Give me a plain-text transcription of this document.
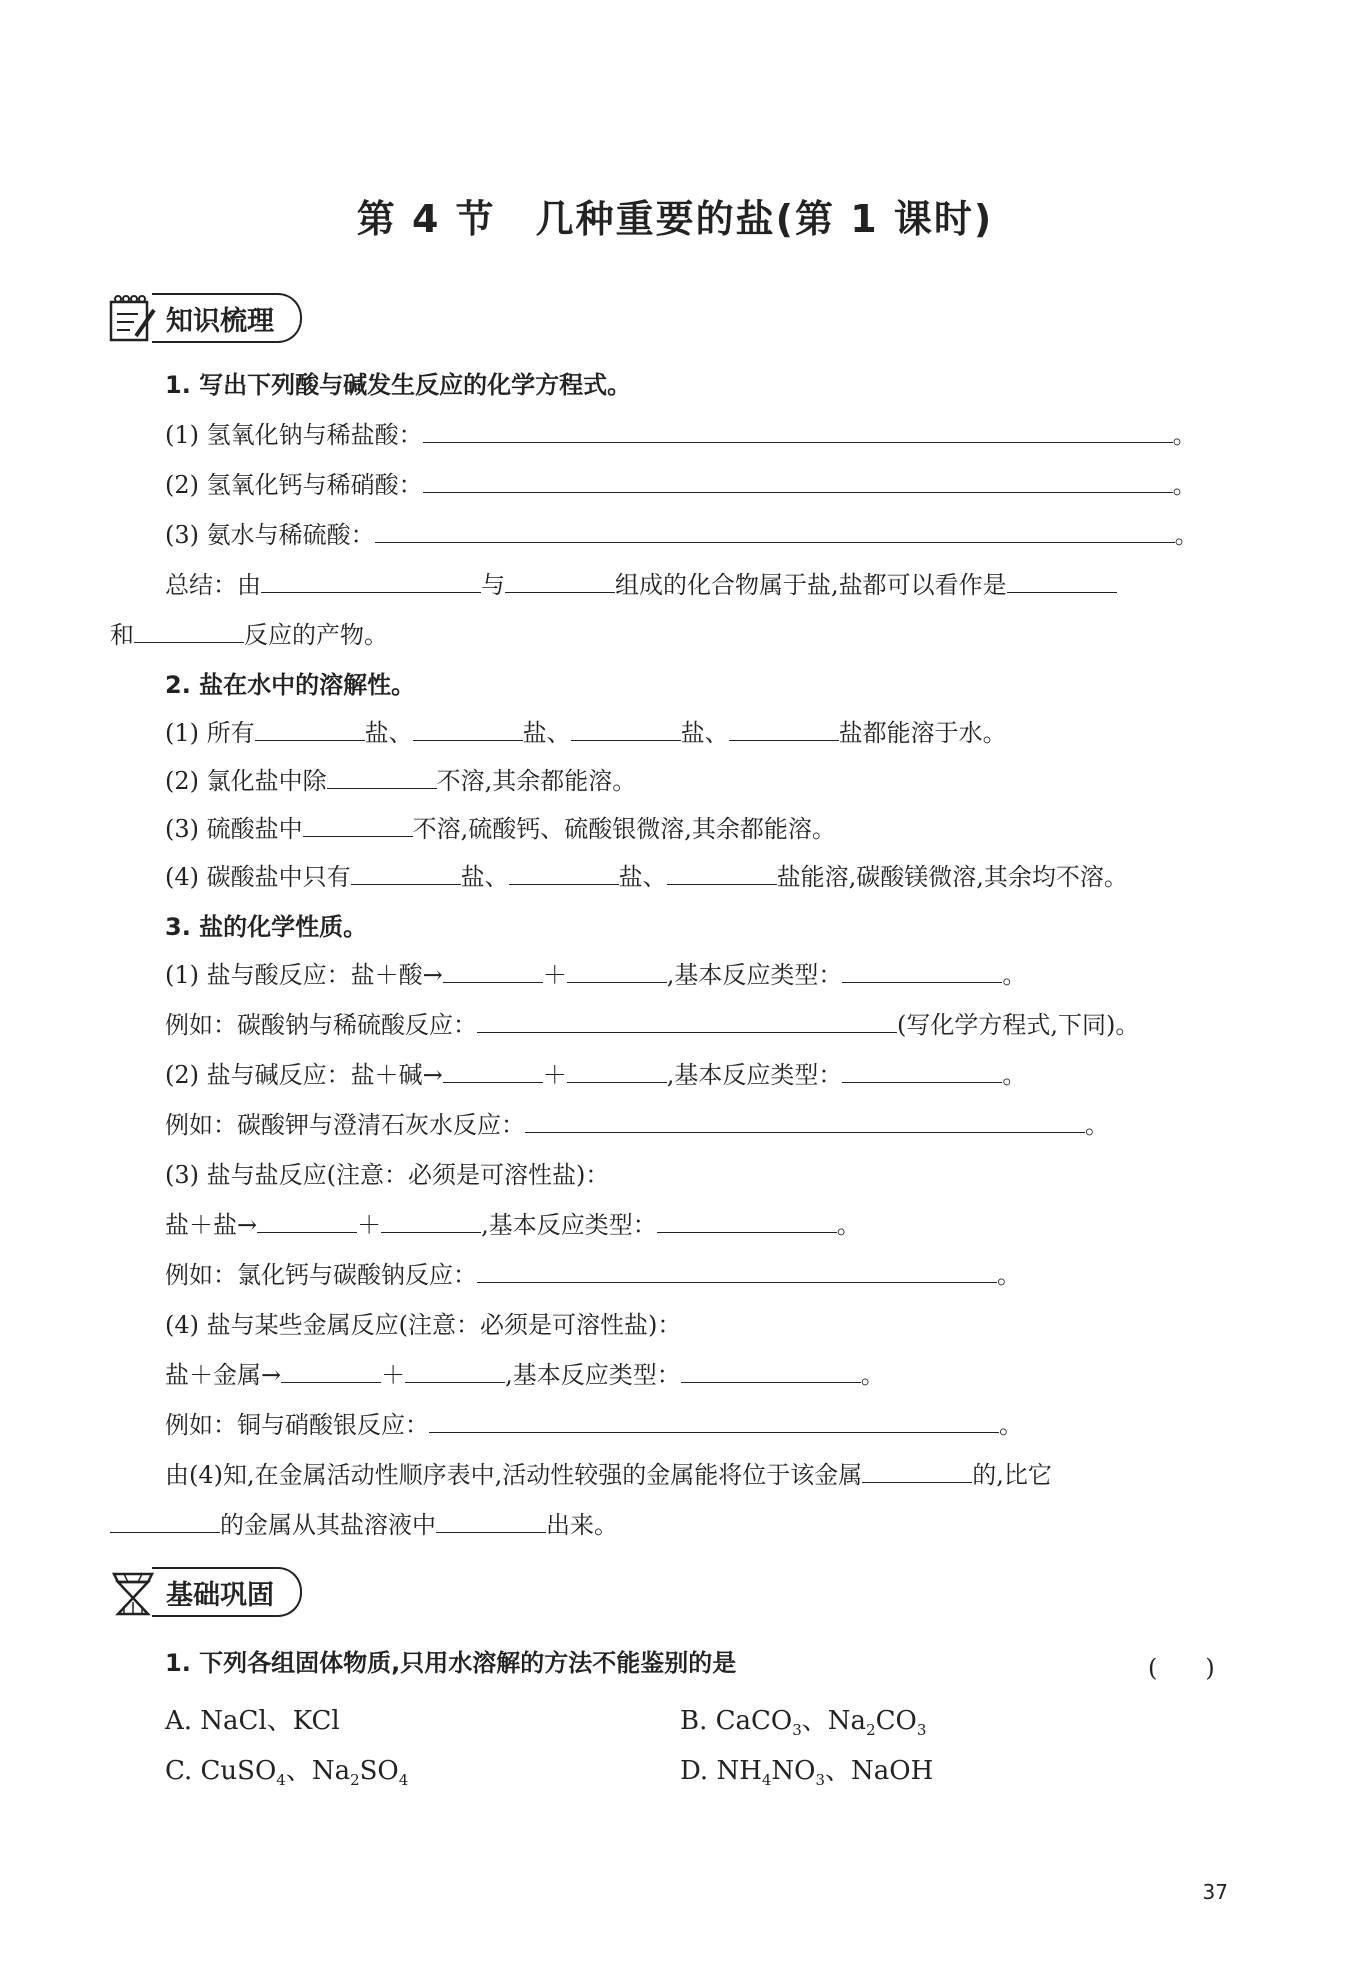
第 4 节　几种重要的盐(第 1 课时)
知识梳理
1. 写出下列酸与碱发生反应的化学方程式。
(1) 氢氧化钠与稀盐酸：	。
(2) 氢氧化钙与稀硝酸：	。
(3) 氨水与稀硫酸：	。
总结：由	与	组成的化合物属于盐,盐都可以看作是
和	反应的产物。
2. 盐在水中的溶解性。
(1) 所有	盐、	盐、	盐、	盐都能溶于水。
(2) 氯化盐中除	不溶,其余都能溶。
(3) 硫酸盐中	不溶,硫酸钙、硫酸银微溶,其余都能溶。
(4) 碳酸盐中只有	盐、	盐、	盐能溶,碳酸镁微溶,其余均不溶。
3. 盐的化学性质。
(1) 盐与酸反应：盐＋酸→	＋	,基本反应类型：	。
例如：碳酸钠与稀硫酸反应：	(写化学方程式,下同)。
(2) 盐与碱反应：盐＋碱→	＋	,基本反应类型：	。
例如：碳酸钾与澄清石灰水反应：	。
(3) 盐与盐反应(注意：必须是可溶性盐)：
盐＋盐→	＋	,基本反应类型：	。
例如：氯化钙与碳酸钠反应：	。
(4) 盐与某些金属反应(注意：必须是可溶性盐)：
盐＋金属→	＋	,基本反应类型：	。
例如：铜与硝酸银反应：	。
由(4)知,在金属活动性顺序表中,活动性较强的金属能将位于该金属	的,比它
的金属从其盐溶液中	出来。
基础巩固
1. 下列各组固体物质,只用水溶解的方法不能鉴别的是	(　　)
A. NaCl、KCl	B. CaCO$_3$、$Na_2CO_3$
C. CuSO$_4$、$Na_2SO_4$	D. $NH_4NO_3$、NaOH
37
